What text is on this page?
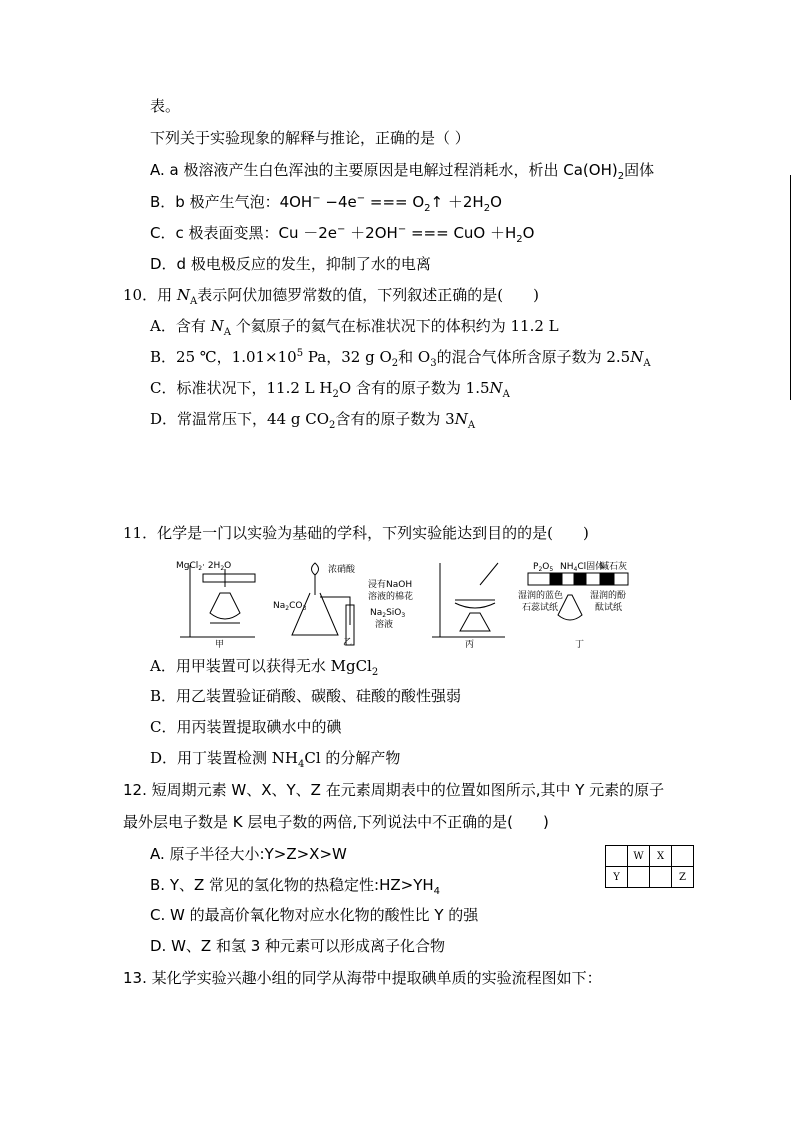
表。
下列关于实验现象的解释与推论，正确的是（ ）
A. a 极溶液产生白色浑浊的主要原因是电解过程消耗水，析出 $Ca(OH)_2$固体
B．b 极产生气泡：4OH− −4e− === $O_2↑ +2H_2O$
C．c 极表面变黑：Cu －2e− ＋2OH− === CuO $+H_2O$
D．d 极电极反应的发生，抑制了水的电离
10．用 $N_A$表示阿伏加德罗常数的值，下列叙述正确的是(　　)
A．含有 $N_A$ 个氦原子的氦气在标准状况下的体积约为 11.2 L
B．25 ℃，$1.01\times 10^5$ Pa，32 g $O_2$和 $O_3$的混合气体所含原子数为 $2.5N_A$
C．标准状况下，11.2 L $H_2O$ 含有的原子数为 $1.5N_A$
D．常温常压下，44 g $CO_2$含有的原子数为 $3N_A$
11．化学是一门以实验为基础的学科，下列实验能达到目的的是(　　)
MgCl$_2$· $2H_2O$
甲
浓硝酸
$Na_2CO_3$
浸有NaOH
溶液的棉花
$Na_2SiO_3$
溶液
乙	丙
$P_2O_5$ $NH_4Cl$固体
碱石灰
湿润的蓝色
石蕊试纸
湿润的酚
酞试纸
丁
A．用甲装置可以获得无水 MgCl$_2$
B．用乙装置验证硝酸、碳酸、硅酸的酸性强弱
C．用丙装置提取碘水中的碘
D．用丁装置检测 $NH_4Cl$ 的分解产物
12. 短周期元素 W、X、Y、Z 在元素周期表中的位置如图所示,其中 Y 元素的原子
最外层电子数是 K 层电子数的两倍,下列说法中不正确的是(　　)
A. 原子半径大小:Y>Z>X>W
B. Y、Z 常见的氢化物的热稳定性$:HZ>YH_4$
C. W 的最高价氧化物对应水化物的酸性比 Y 的强
D. W、Z 和氢 3 种元素可以形成离子化合物
	W	X	
Y			Z
13. 某化学实验兴趣小组的同学从海带中提取碘单质的实验流程图如下：
